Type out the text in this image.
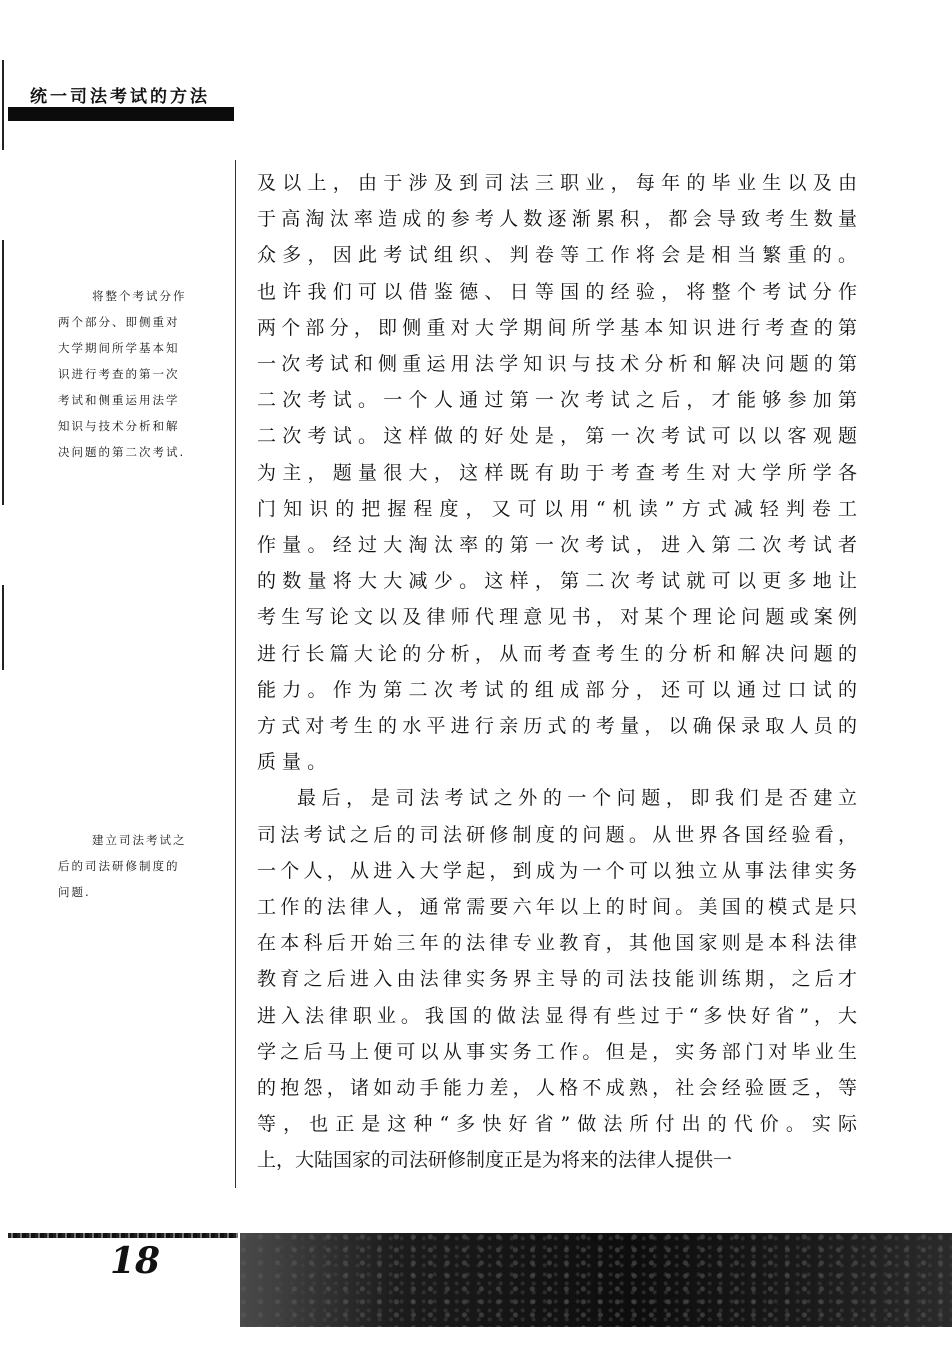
统一司法考试的方法
将整个考试分作
两个部分、即侧重对
大学期间所学基本知
识进行考查的第一次
考试和侧重运用法学
知识与技术分析和解
决问题的第二次考试.
建立司法考试之
后的司法研修制度的
问题.
及以上，由于涉及到司法三职业，每年的毕业生以及由
于高淘汰率造成的参考人数逐渐累积，都会导致考生数量
众多，因此考试组织、判卷等工作将会是相当繁重的。
也许我们可以借鉴德、日等国的经验，将整个考试分作
两个部分，即侧重对大学期间所学基本知识进行考查的第
一次考试和侧重运用法学知识与技术分析和解决问题的第
二次考试。一个人通过第一次考试之后，才能够参加第
二次考试。这样做的好处是，第一次考试可以以客观题
为主，题量很大，这样既有助于考查考生对大学所学各
门知识的把握程度，又可以用“机读”方式减轻判卷工
作量。经过大淘汰率的第一次考试，进入第二次考试者
的数量将大大减少。这样，第二次考试就可以更多地让
考生写论文以及律师代理意见书，对某个理论问题或案例
进行长篇大论的分析，从而考查考生的分析和解决问题的
能力。作为第二次考试的组成部分，还可以通过口试的
方式对考生的水平进行亲历式的考量，以确保录取人员的
质 量 。
最后，是司法考试之外的一个问题，即我们是否建立
司法考试之后的司法研修制度的问题。从世界各国经验看，
一个人，从进入大学起，到成为一个可以独立从事法律实务
工作的法律人，通常需要六年以上的时间。美国的模式是只
在本科后开始三年的法律专业教育，其他国家则是本科法律
教育之后进入由法律实务界主导的司法技能训练期，之后才
进入法律职业。我国的做法显得有些过于“多快好省”，大
学之后马上便可以从事实务工作。但是，实务部门对毕业生
的抱怨，诸如动手能力差，人格不成熟，社会经验匮乏，等
等，也正是这种“多快好省”做法所付出的代价。实际
上，大陆国家的司法研修制度正是为将来的法律人提供一
18
